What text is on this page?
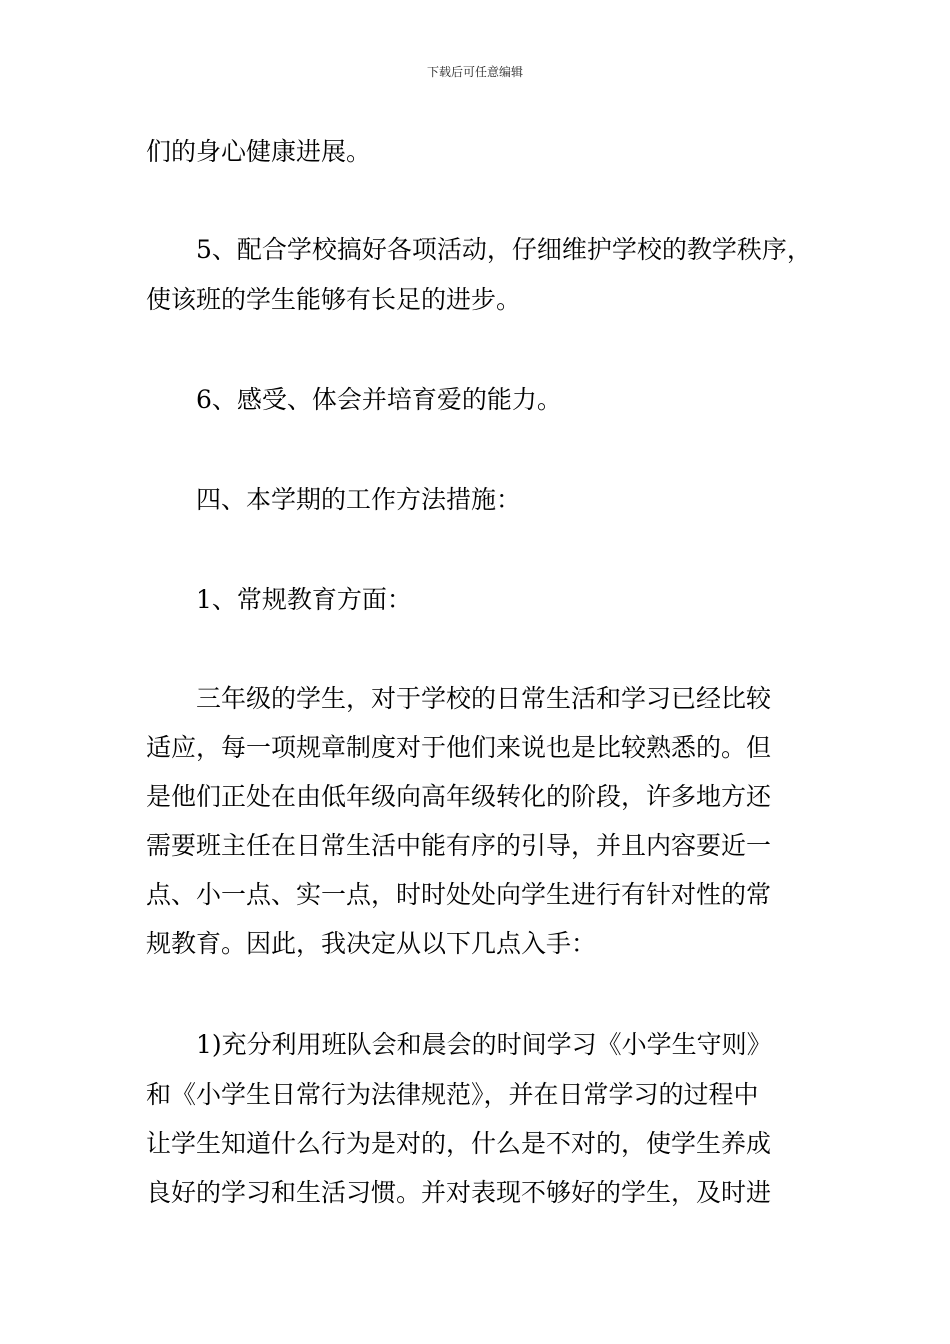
下载后可任意编辑
们的身心健康进展。
5、配合学校搞好各项活动，仔细维护学校的教学秩序，
使该班的学生能够有长足的进步。
6、感受、体会并培育爱的能力。
四、本学期的工作方法措施：
1、常规教育方面：
三年级的学生，对于学校的日常生活和学习已经比较
适应，每一项规章制度对于他们来说也是比较熟悉的。但
是他们正处在由低年级向高年级转化的阶段，许多地方还
需要班主任在日常生活中能有序的引导，并且内容要近一
点、小一点、实一点，时时处处向学生进行有针对性的常
规教育。因此，我决定从以下几点入手：
1)充分利用班队会和晨会的时间学习《小学生守则》
和《小学生日常行为法律规范》，并在日常学习的过程中
让学生知道什么行为是对的，什么是不对的，使学生养成
良好的学习和生活习惯。并对表现不够好的学生，及时进
